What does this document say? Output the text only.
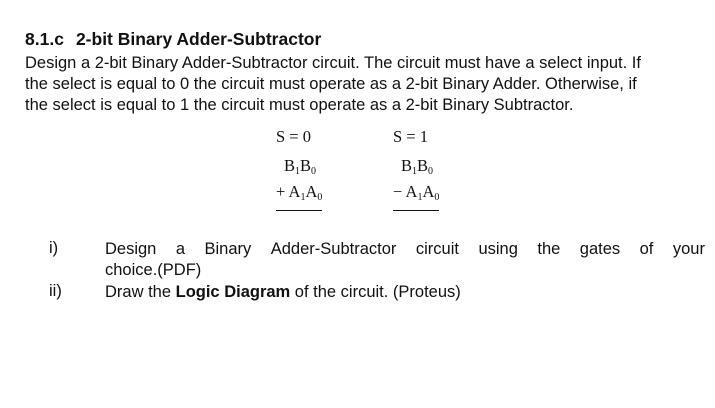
8.1.c 2-bit Binary Adder-Subtractor
Design a 2-bit Binary Adder-Subtractor circuit. The circuit must have a select input. If
the select is equal to 0 the circuit must operate as a 2-bit Binary Adder. Otherwise, if
the select is equal to 1 the circuit must operate as a 2-bit Binary Subtractor.
S = 0
$B_1B_0$
+ $A_1A_0$
S = 1
$B_1B_0$
− $A_1A_0$
i)	Design a Binary Adder-Subtractor circuit using the gates of your
choice.(PDF)
ii)	Draw the Logic Diagram of the circuit. (Proteus)
